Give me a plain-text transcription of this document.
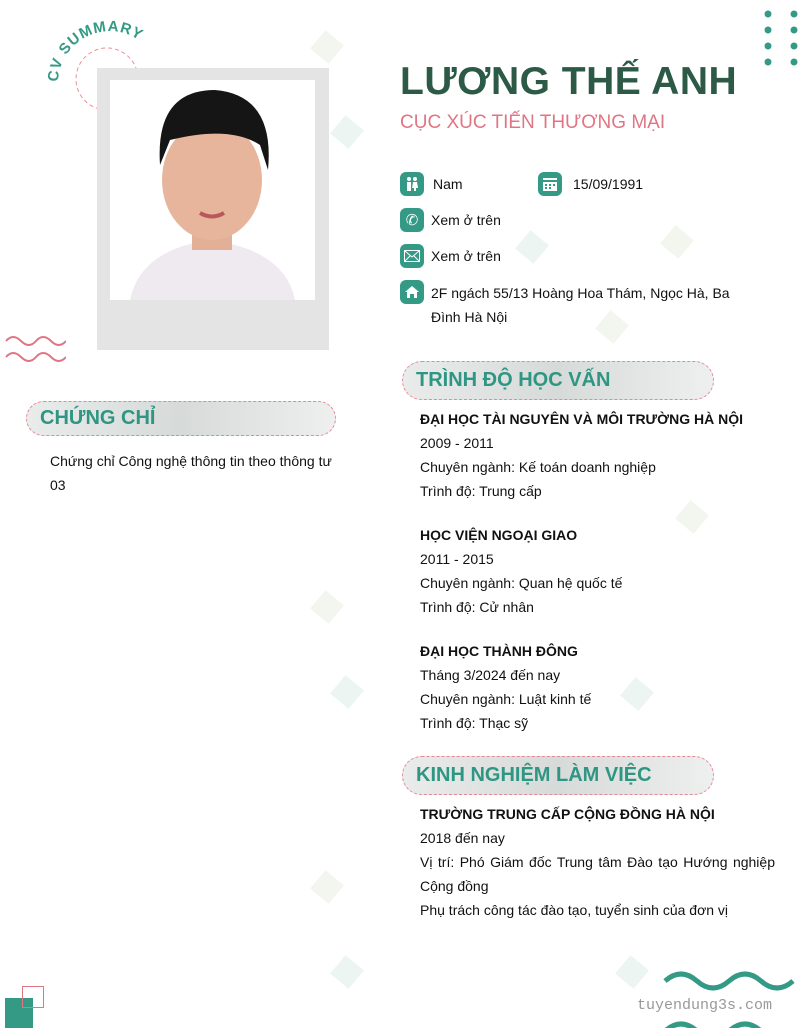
CV SUMMARY
LƯƠNG THẾ ANH
CỤC XÚC TIẾN THƯƠNG MẠI
Nam	15/09/1991
✆ Xem ở trên
Xem ở trên
2F ngách 55/13 Hoàng Hoa Thám, Ngọc Hà, Ba Đình Hà Nội
CHỨNG CHỈ
Chứng chỉ Công nghệ thông tin theo thông tư 03
TRÌNH ĐỘ HỌC VẤN
ĐẠI HỌC TÀI NGUYÊN VÀ MÔI TRƯỜNG HÀ NỘI
2009 - 2011
Chuyên ngành: Kế toán doanh nghiệp
Trình độ: Trung cấp
HỌC VIỆN NGOẠI GIAO
2011 - 2015
Chuyên ngành: Quan hệ quốc tế
Trình độ: Cử nhân
ĐẠI HỌC THÀNH ĐÔNG
Tháng 3/2024 đến nay
Chuyên ngành: Luật kinh tế
Trình độ: Thạc sỹ
KINH NGHIỆM LÀM VIỆC
TRƯỜNG TRUNG CẤP CỘNG ĐỒNG HÀ NỘI
2018 đến nay
Vị trí: Phó Giám đốc Trung tâm Đào tạo Hướng nghiệp Cộng đồng
Phụ trách công tác đào tạo, tuyển sinh của đơn vị
tuyendung3s.com
